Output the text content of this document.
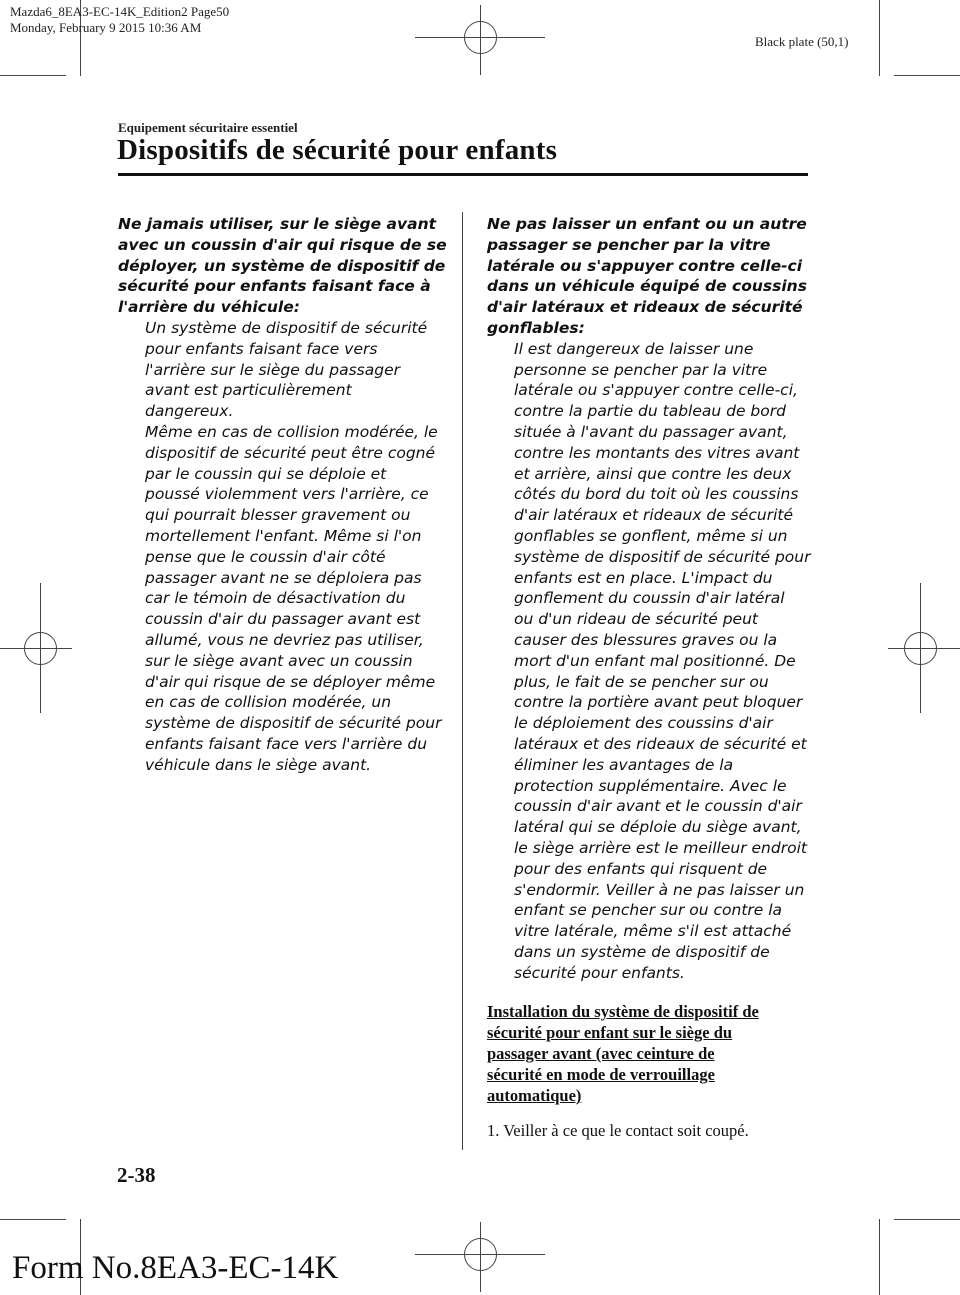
Mazda6_8EA3-EC-14K_Edition2 Page50
Monday, February 9 2015 10:36 AM
Black plate (50,1)
Equipement sécuritaire essentiel
Dispositifs de sécurité pour enfants

Ne jamais utiliser, sur le siège avant
avec un coussin d'air qui risque de se
déployer, un système de dispositif de
sécurité pour enfants faisant face à
l'arrière du véhicule:

Un système de dispositif de sécurité
pour enfants faisant face vers
l'arrière sur le siège du passager
avant est particulièrement
dangereux.
Même en cas de collision modérée, le
dispositif de sécurité peut être cogné
par le coussin qui se déploie et
poussé violemment vers l'arrière, ce
qui pourrait blesser gravement ou
mortellement l'enfant. Même si l'on
pense que le coussin d'air côté
passager avant ne se déploiera pas
car le témoin de désactivation du
coussin d'air du passager avant est
allumé, vous ne devriez pas utiliser,
sur le siège avant avec un coussin
d'air qui risque de se déployer même
en cas de collision modérée, un
système de dispositif de sécurité pour
enfants faisant face vers l'arrière du
véhicule dans le siège avant.

Ne pas laisser un enfant ou un autre
passager se pencher par la vitre
latérale ou s'appuyer contre celle-ci
dans un véhicule équipé de coussins
d'air latéraux et rideaux de sécurité
gonflables:

Il est dangereux de laisser une
personne se pencher par la vitre
latérale ou s'appuyer contre celle-ci,
contre la partie du tableau de bord
située à l'avant du passager avant,
contre les montants des vitres avant
et arrière, ainsi que contre les deux
côtés du bord du toit où les coussins
d'air latéraux et rideaux de sécurité
gonflables se gonflent, même si un
système de dispositif de sécurité pour
enfants est en place. L'impact du
gonflement du coussin d'air latéral
ou d'un rideau de sécurité peut
causer des blessures graves ou la
mort d'un enfant mal positionné. De
plus, le fait de se pencher sur ou
contre la portière avant peut bloquer
le déploiement des coussins d'air
latéraux et des rideaux de sécurité et
éliminer les avantages de la
protection supplémentaire. Avec le
coussin d'air avant et le coussin d'air
latéral qui se déploie du siège avant,
le siège arrière est le meilleur endroit
pour des enfants qui risquent de
s'endormir. Veiller à ne pas laisser un
enfant se pencher sur ou contre la
vitre latérale, même s'il est attaché
dans un système de dispositif de
sécurité pour enfants.

Installation du système de dispositif de
sécurité pour enfant sur le siège du
passager avant (avec ceinture de
sécurité en mode de verrouillage
automatique)

1. Veiller à ce que le contact soit coupé.
2-38
Form No.8EA3-EC-14K
